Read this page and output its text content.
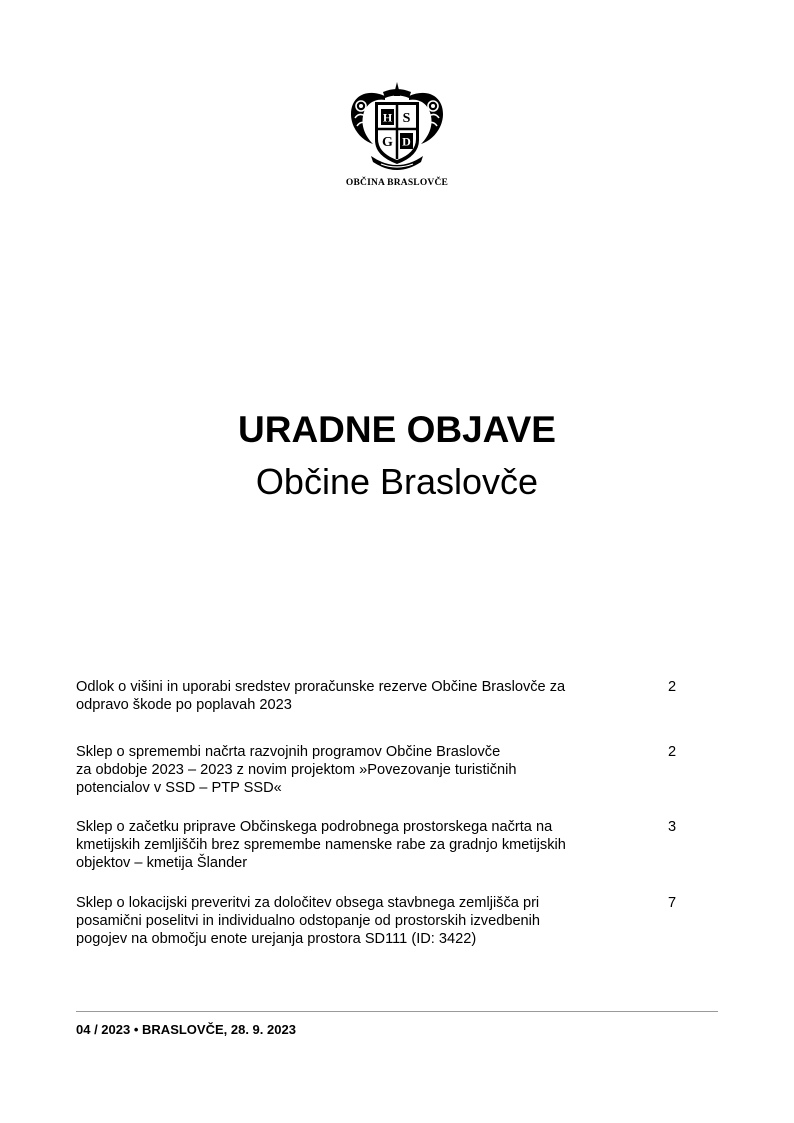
H S
G D
OBČINA BRASLOVČE
URADNE OBJAVE
Občine Braslovče
Odlok o višini in uporabi sredstev proračunske rezerve Občine Braslovče za
odpravo škode po poplavah 2023
2
Sklep o spremembi načrta razvojnih programov Občine Braslovče
za obdobje 2023 – 2023 z novim projektom »Povezovanje turističnih
potencialov v SSD – PTP SSD«
2
Sklep o začetku priprave Občinskega podrobnega prostorskega načrta na
kmetijskih zemljiščih brez spremembe namenske rabe za gradnjo kmetijskih
objektov – kmetija Šlander
3
Sklep o lokacijski preveritvi za določitev obsega stavbnega zemljišča pri
posamični poselitvi in individualno odstopanje od prostorskih izvedbenih
pogojev na območju enote urejanja prostora SD111 (ID: 3422)
7
04 / 2023 • BRASLOVČE, 28. 9. 2023
